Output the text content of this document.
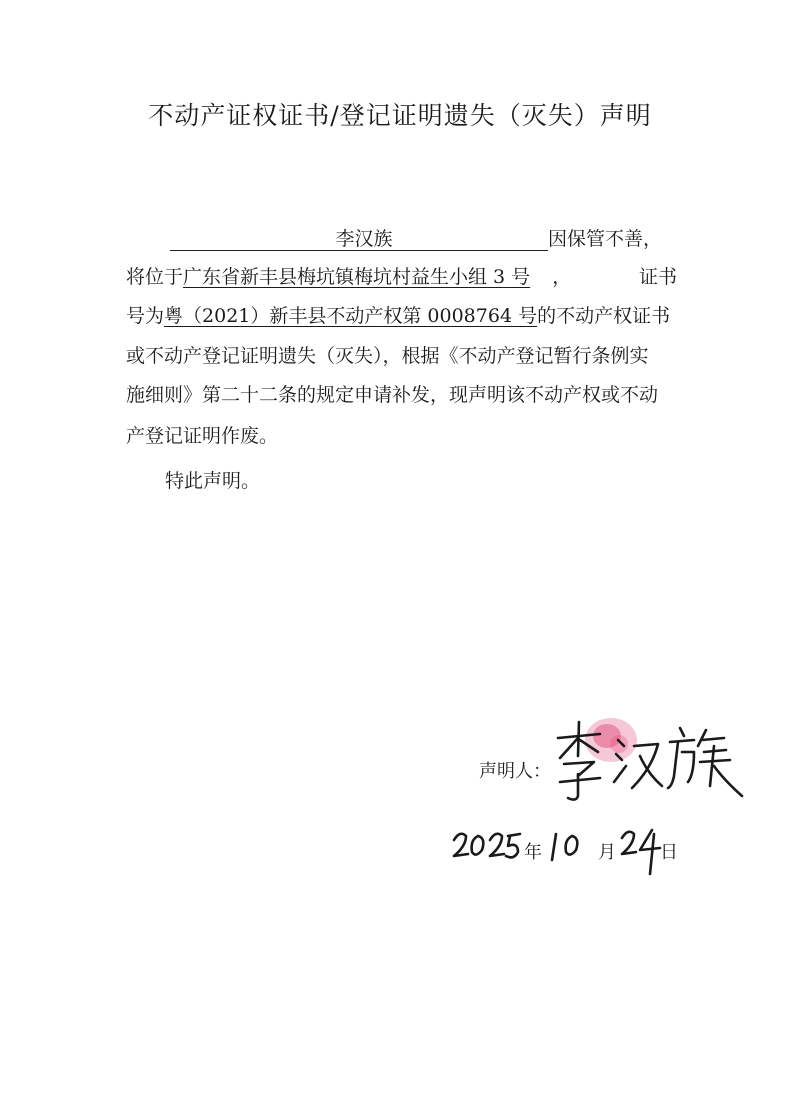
不动产证权证书/登记证明遗失（灭失）声明
李汉族	因保管不善，
将位于广东省新丰县梅坑镇梅坑村益生小组 3 号 ，	证书
号为粤（2021）新丰县不动产权第 0008764 号的不动产权证书
或不动产登记证明遗失（灭失），根据《不动产登记暂行条例实
施细则》第二十二条的规定申请补发，现声明该不动产权或不动
产登记证明作废。
特此声明。
声明人：
李汉族
年	月 日
